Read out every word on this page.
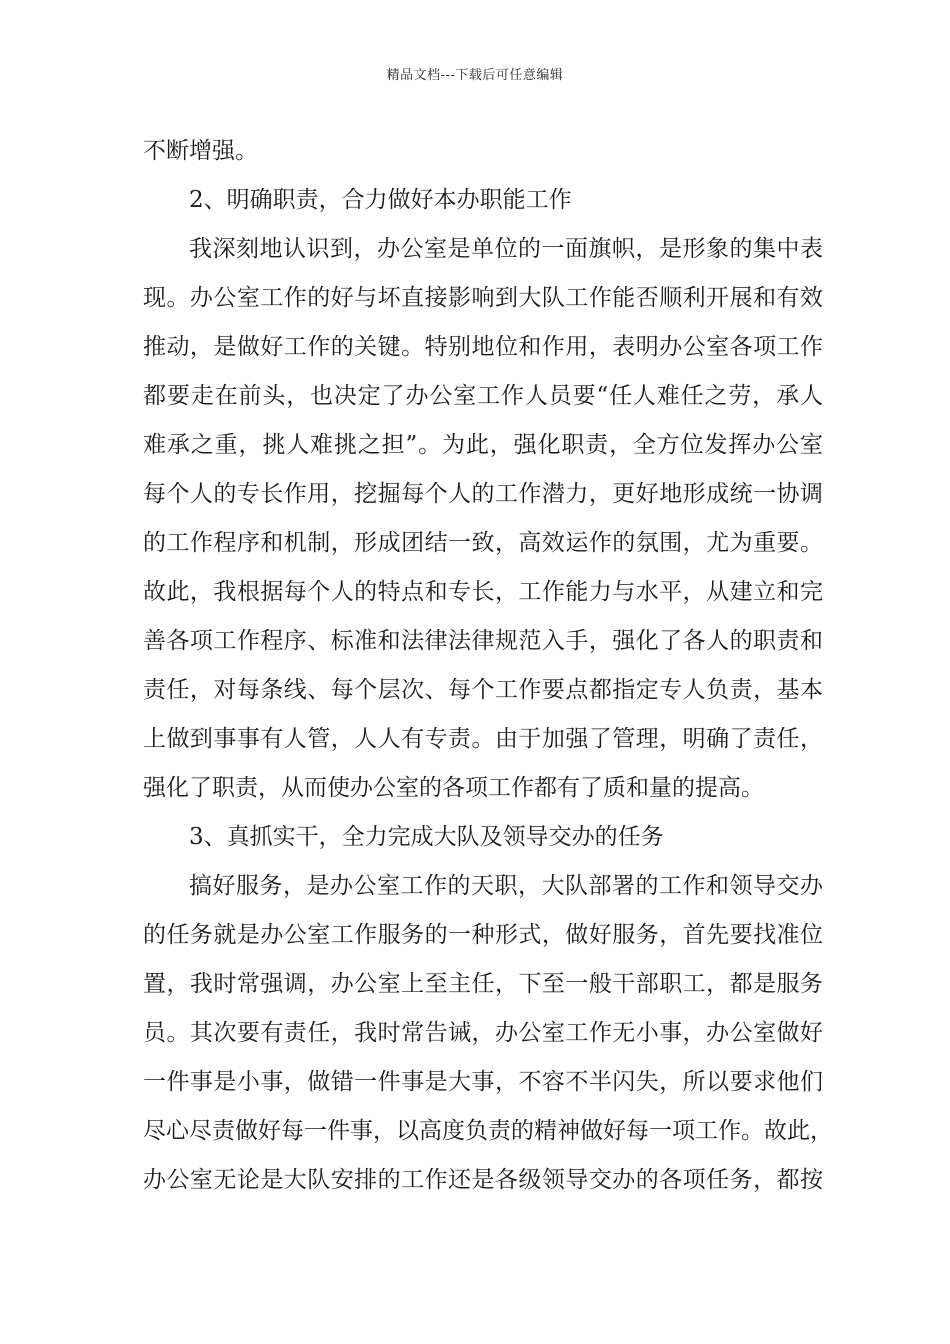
精品文档---下载后可任意编辑
不断增强。
2、明确职责，合力做好本办职能工作
我深刻地认识到，办公室是单位的一面旗帜，是形象的集中表
现。办公室工作的好与坏直接影响到大队工作能否顺利开展和有效
推动，是做好工作的关键。特别地位和作用，表明办公室各项工作
都要走在前头，也决定了办公室工作人员要“任人难任之劳，承人
难承之重，挑人难挑之担”。为此，强化职责，全方位发挥办公室
每个人的专长作用，挖掘每个人的工作潜力，更好地形成统一协调
的工作程序和机制，形成团结一致，高效运作的氛围，尤为重要。
故此，我根据每个人的特点和专长，工作能力与水平，从建立和完
善各项工作程序、标准和法律法律规范入手，强化了各人的职责和
责任，对每条线、每个层次、每个工作要点都指定专人负责，基本
上做到事事有人管，人人有专责。由于加强了管理，明确了责任，
强化了职责，从而使办公室的各项工作都有了质和量的提高。
3、真抓实干，全力完成大队及领导交办的任务
搞好服务，是办公室工作的天职，大队部署的工作和领导交办
的任务就是办公室工作服务的一种形式，做好服务，首先要找准位
置，我时常强调，办公室上至主任，下至一般干部职工，都是服务
员。其次要有责任，我时常告诫，办公室工作无小事，办公室做好
一件事是小事，做错一件事是大事，不容不半闪失，所以要求他们
尽心尽责做好每一件事，以高度负责的精神做好每一项工作。故此，
办公室无论是大队安排的工作还是各级领导交办的各项任务，都按
